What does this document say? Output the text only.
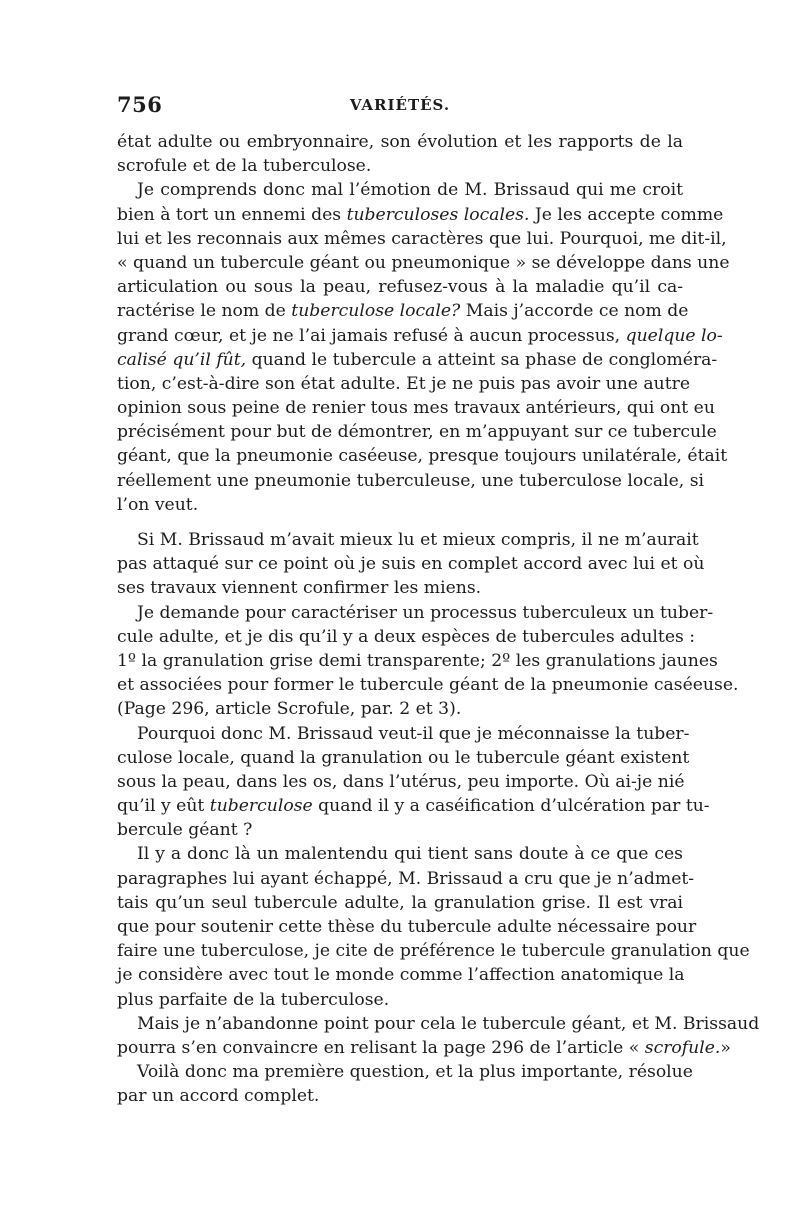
756	VARIÉTÉS.
état adulte ou embryonnaire, son évolution et les rapports de la
scrofule et de la tuberculose.
Je comprends donc mal l’émotion de M. Brissaud qui me croit
bien à tort un ennemi des tuberculoses locales. Je les accepte comme
lui et les reconnais aux mêmes caractères que lui. Pourquoi, me dit-il,
« quand un tubercule géant ou pneumonique » se développe dans une
articulation ou sous la peau, refusez-vous à la maladie qu’il ca-
ractérise le nom de tuberculose locale? Mais j’accorde ce nom de
grand cœur, et je ne l’ai jamais refusé à aucun processus, quelque lo-
calisé qu’il fût, quand le tubercule a atteint sa phase de congloméra-
tion, c’est-à-dire son état adulte. Et je ne puis pas avoir une autre
opinion sous peine de renier tous mes travaux antérieurs, qui ont eu
précisément pour but de démontrer, en m’appuyant sur ce tubercule
géant, que la pneumonie caséeuse, presque toujours unilatérale, était
réellement une pneumonie tuberculeuse, une tuberculose locale, si
l’on veut.
Si M. Brissaud m’avait mieux lu et mieux compris, il ne m’aurait
pas attaqué sur ce point où je suis en complet accord avec lui et où
ses travaux viennent confirmer les miens.
Je demande pour caractériser un processus tuberculeux un tuber-
cule adulte, et je dis qu’il y a deux espèces de tubercules adultes :
1º la granulation grise demi transparente; 2º les granulations jaunes
et associées pour former le tubercule géant de la pneumonie caséeuse.
(Page 296, article Scrofule, par. 2 et 3).
Pourquoi donc M. Brissaud veut-il que je méconnaisse la tuber-
culose locale, quand la granulation ou le tubercule géant existent
sous la peau, dans les os, dans l’utérus, peu importe. Où ai-je nié
qu’il y eût tuberculose quand il y a caséification d’ulcération par tu-
bercule géant ?
Il y a donc là un malentendu qui tient sans doute à ce que ces
paragraphes lui ayant échappé, M. Brissaud a cru que je n’admet-
tais qu’un seul tubercule adulte, la granulation grise. Il est vrai
que pour soutenir cette thèse du tubercule adulte nécessaire pour
faire une tuberculose, je cite de préférence le tubercule granulation que
je considère avec tout le monde comme l’affection anatomique la
plus parfaite de la tuberculose.
Mais je n’abandonne point pour cela le tubercule géant, et M. Brissaud
pourra s’en convaincre en relisant la page 296 de l’article « scrofule.»
Voilà donc ma première question, et la plus importante, résolue
par un accord complet.
